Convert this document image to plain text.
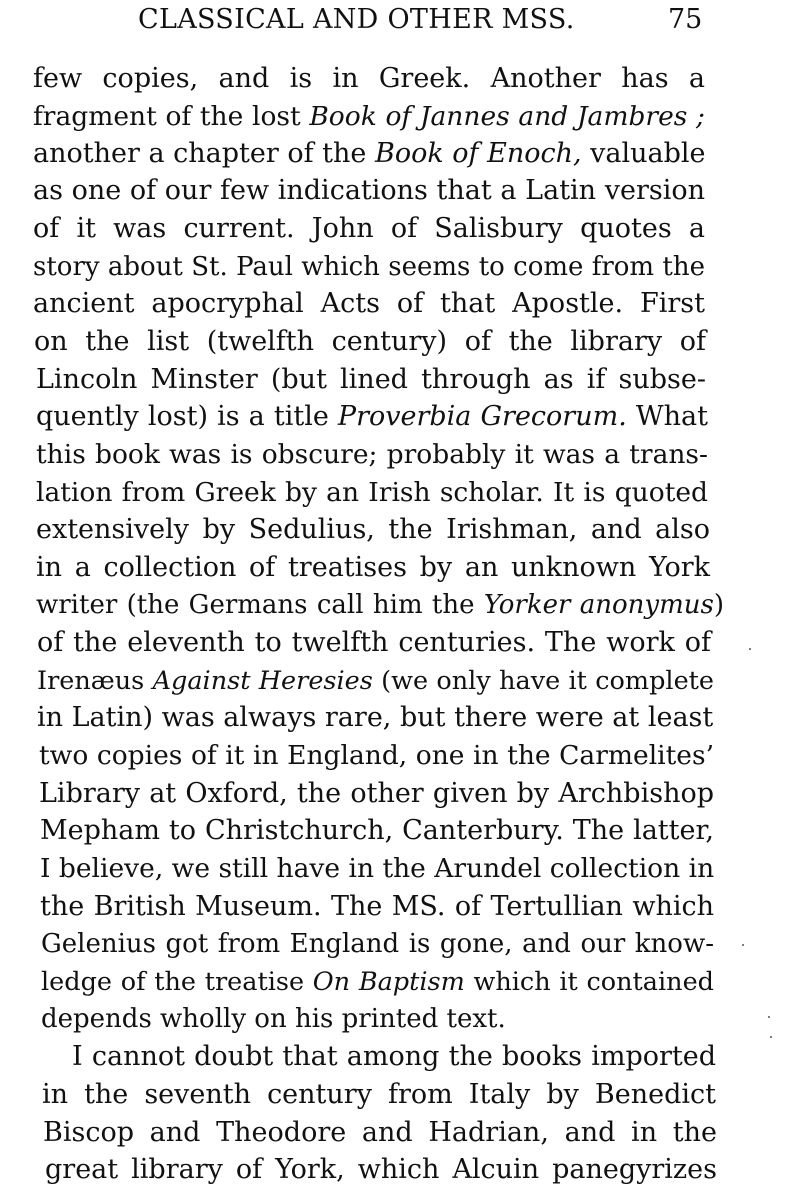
CLASSICAL AND OTHER MSS.	75
few copies, and is in Greek. Another has a
fragment of the lost Book of Jannes and Jambres ;
another a chapter of the Book of Enoch, valuable
as one of our few indications that a Latin version
of it was current. John of Salisbury quotes a
story about St. Paul which seems to come from the
ancient apocryphal Acts of that Apostle. First
on the list (twelfth century) of the library of
Lincoln Minster (but lined through as if subse-
quently lost) is a title Proverbia Grecorum. What
this book was is obscure; probably it was a trans-
lation from Greek by an Irish scholar. It is quoted
extensively by Sedulius, the Irishman, and also
in a collection of treatises by an unknown York
writer (the Germans call him the Yorker anonymus)
of the eleventh to twelfth centuries. The work of
Irenæus Against Heresies (we only have it complete
in Latin) was always rare, but there were at least
two copies of it in England, one in the Carmelites’
Library at Oxford, the other given by Archbishop
Mepham to Christchurch, Canterbury. The latter,
I believe, we still have in the Arundel collection in
the British Museum. The MS. of Tertullian which
Gelenius got from England is gone, and our know-
ledge of the treatise On Baptism which it contained
depends wholly on his printed text.
I cannot doubt that among the books imported
in the seventh century from Italy by Benedict
Biscop and Theodore and Hadrian, and in the
great library of York, which Alcuin panegyrizes
